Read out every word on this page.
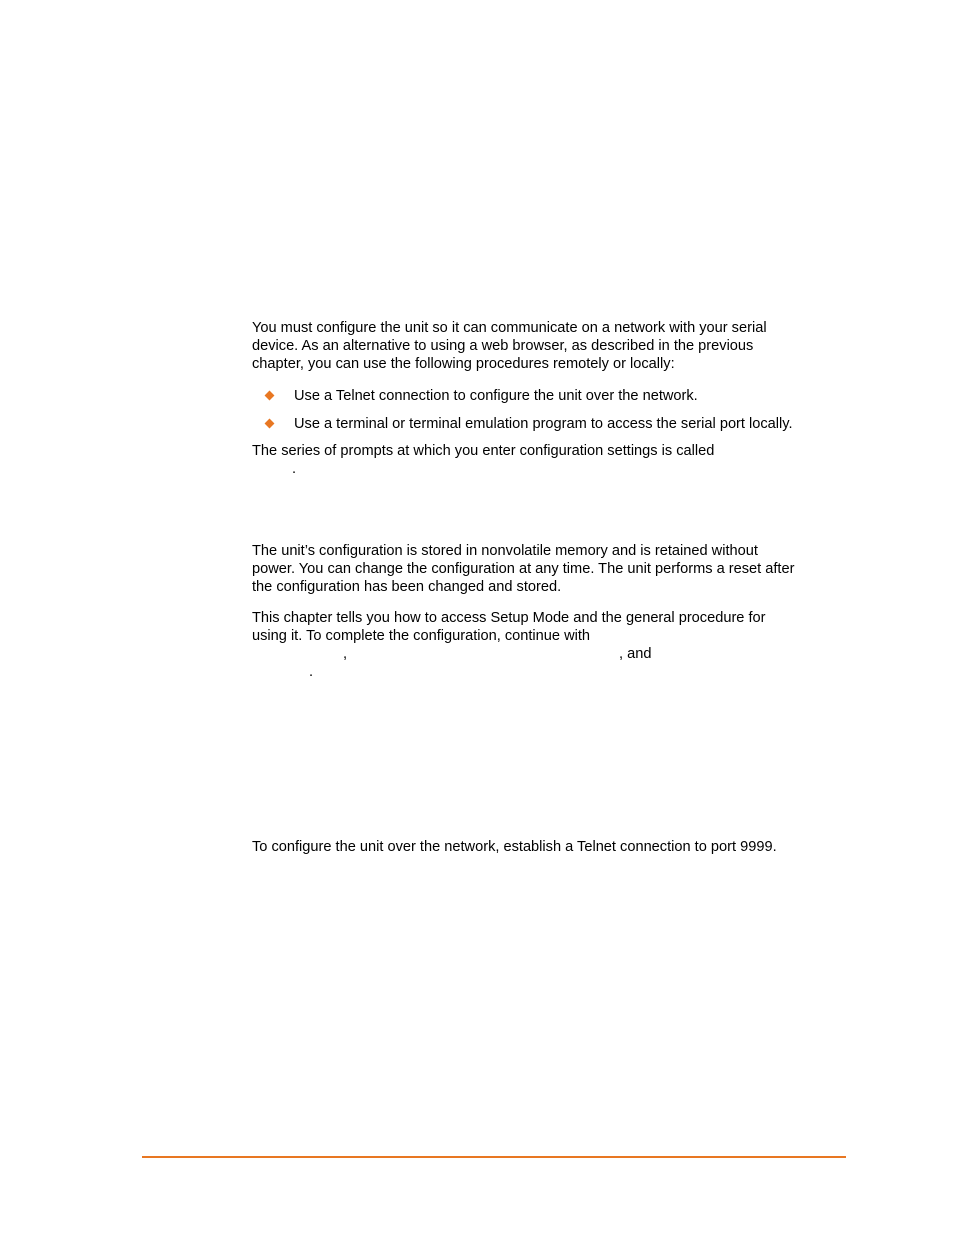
You must configure the unit so it can communicate on a network with your serial
device. As an alternative to using a web browser, as described in the previous
chapter, you can use the following procedures remotely or locally:
Use a Telnet connection to configure the unit over the network.
Use a terminal or terminal emulation program to access the serial port locally.
The series of prompts at which you enter configuration settings is called
.
The unit’s configuration is stored in nonvolatile memory and is retained without
power. You can change the configuration at any time. The unit performs a reset after
the configuration has been changed and stored.
This chapter tells you how to access Setup Mode and the general procedure for
using it. To complete the configuration, continue with
,	, and
.
To configure the unit over the network, establish a Telnet connection to port 9999.
